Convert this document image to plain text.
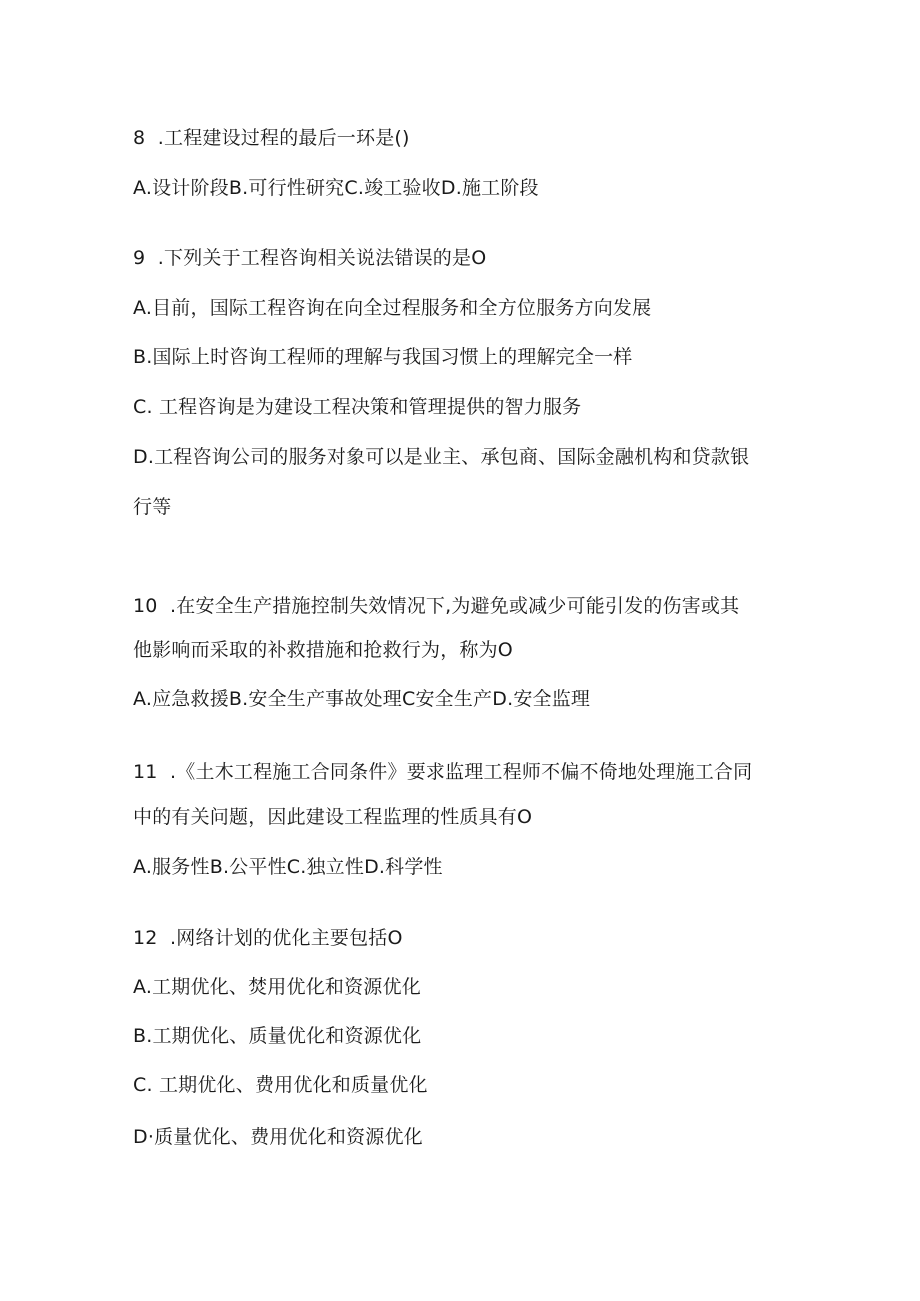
8  .工程建设过程的最后一环是()
A.设计阶段B.可行性研究C.竣工验收D.施工阶段
9  .下列关于工程咨询相关说法错误的是O
A.目前，国际工程咨询在向全过程服务和全方位服务方向发展
B.国际上时咨询工程师的理解与我国习惯上的理解完全一样
C. 工程咨询是为建设工程决策和管理提供的智力服务
D.工程咨询公司的服务对象可以是业主、承包商、国际金融机构和贷款银
行等
10  .在安全生产措施控制失效情况下,为避免或减少可能引发的伤害或其
他影响而采取的补救措施和抢救行为，称为O
A.应急救援B.安全生产事故处理C安全生产D.安全监理
11  .《土木工程施工合同条件》要求监理工程师不偏不倚地处理施工合同
中的有关问题，因此建设工程监理的性质具有O
A.服务性B.公平性C.独立性D.科学性
12  .网络计划的优化主要包括O
A.工期优化、焚用优化和资源优化
B.工期优化、质量优化和资源优化
C. 工期优化、费用优化和质量优化
D·质量优化、费用优化和资源优化
